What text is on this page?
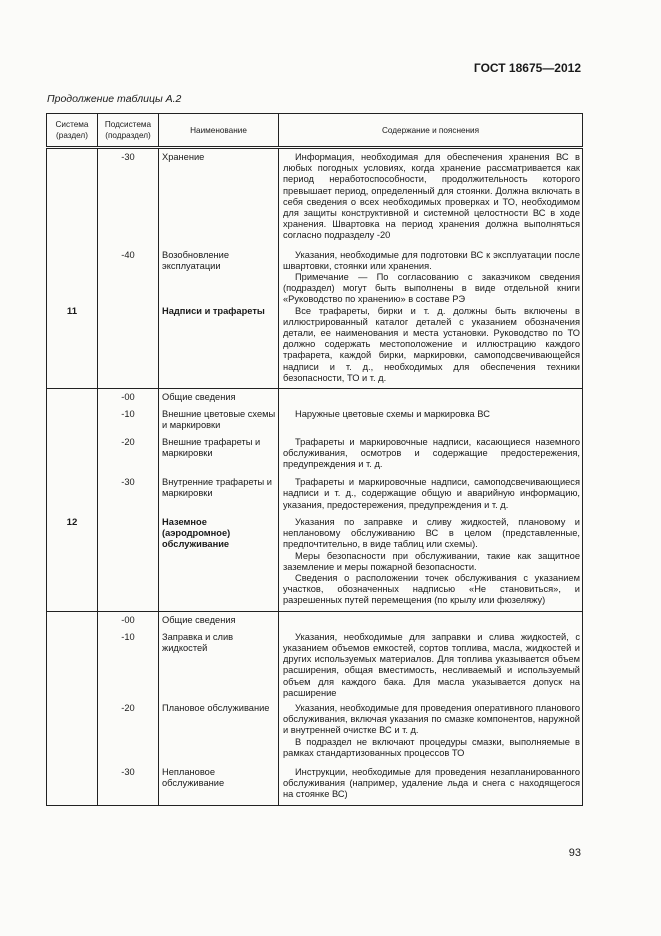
ГОСТ 18675—2012
Продолжение таблицы А.2
Система (раздел)	Подсистема (подраздел)	Наименование	Содержание и пояснения
	-30	Хранение	Информация, необходимая для обеспечения хранения ВС в любых погодных условиях, когда хранение рассматривается как период неработоспособности, продолжительность которого превышает период, определенный для стоянки. Должна включать в себя сведения о всех необходимых проверках и ТО, необходимом для защиты конструктивной и системной целостности ВС в ходе хранения. Швартовка на период хранения должна выполняться согласно подразделу -20

	-40	Возобновление эксплуатации	Указания, необходимые для подготовки ВС к эксплуатации после швартовки, стоянки или хранения.

Примечание — По согласованию с заказчиком сведения (подраздел) могут быть выполнены в виде отдельной книги «Руководство по хранению» в составе РЭ

11		Надписи и трафареты	Все трафареты, бирки и т. д. должны быть включены в иллюстрированный каталог деталей с указанием обозначения детали, ее наименования и места установки. Руководство по ТО должно содержать местоположение и иллюстрацию каждого трафарета, каждой бирки, маркировки, самоподсвечивающейся надписи и т. д., необходимых для обеспечения техники безопасности, ТО и т. д.

	-00	Общие сведения	
	-10	Внешние цветовые схемы и маркировки	Наружные цветовые схемы и маркировка ВС

	-20	Внешние трафареты и маркировки	Трафареты и маркировочные надписи, касающиеся наземного обслуживания, осмотров и содержащие предостережения, предупреждения и т. д.

	-30	Внутренние трафареты и маркировки	Трафареты и маркировочные надписи, самоподсвечивающиеся надписи и т. д., содержащие общую и аварийную информацию, указания, предостережения, предупреждения и т. д.

12		Наземное (аэродромное) обслуживание	Указания по заправке и сливу жидкостей, плановому и неплановому обслуживанию ВС в целом (представленные, предпочтительно, в виде таблиц или схемы).

Меры безопасности при обслуживании, такие как защитное заземление и меры пожарной безопасности.

Сведения о расположении точек обслуживания с указанием участков, обозначенных надписью «Не становиться», и разрешенных путей перемещения (по крылу или фюзеляжу)

	-00	Общие сведения	
	-10	Заправка и слив жидкостей	Указания, необходимые для заправки и слива жидкостей, с указанием объемов емкостей, сортов топлива, масла, жидкостей и других используемых материалов. Для топлива указывается объем расширения, общая вместимость, несливаемый и используемый объем для каждого бака. Для масла указывается допуск на расширение

	-20	Плановое обслуживание	Указания, необходимые для проведения оперативного планового обслуживания, включая указания по смазке компонентов, наружной и внутренней очистке ВС и т. д.

В подраздел не включают процедуры смазки, выполняемые в рамках стандартизованных процессов ТО

	-30	Неплановое обслуживание	Инструкции, необходимые для проведения незапланированного обслуживания (например, удаление льда и снега с находящегося на стоянке ВС)

93
